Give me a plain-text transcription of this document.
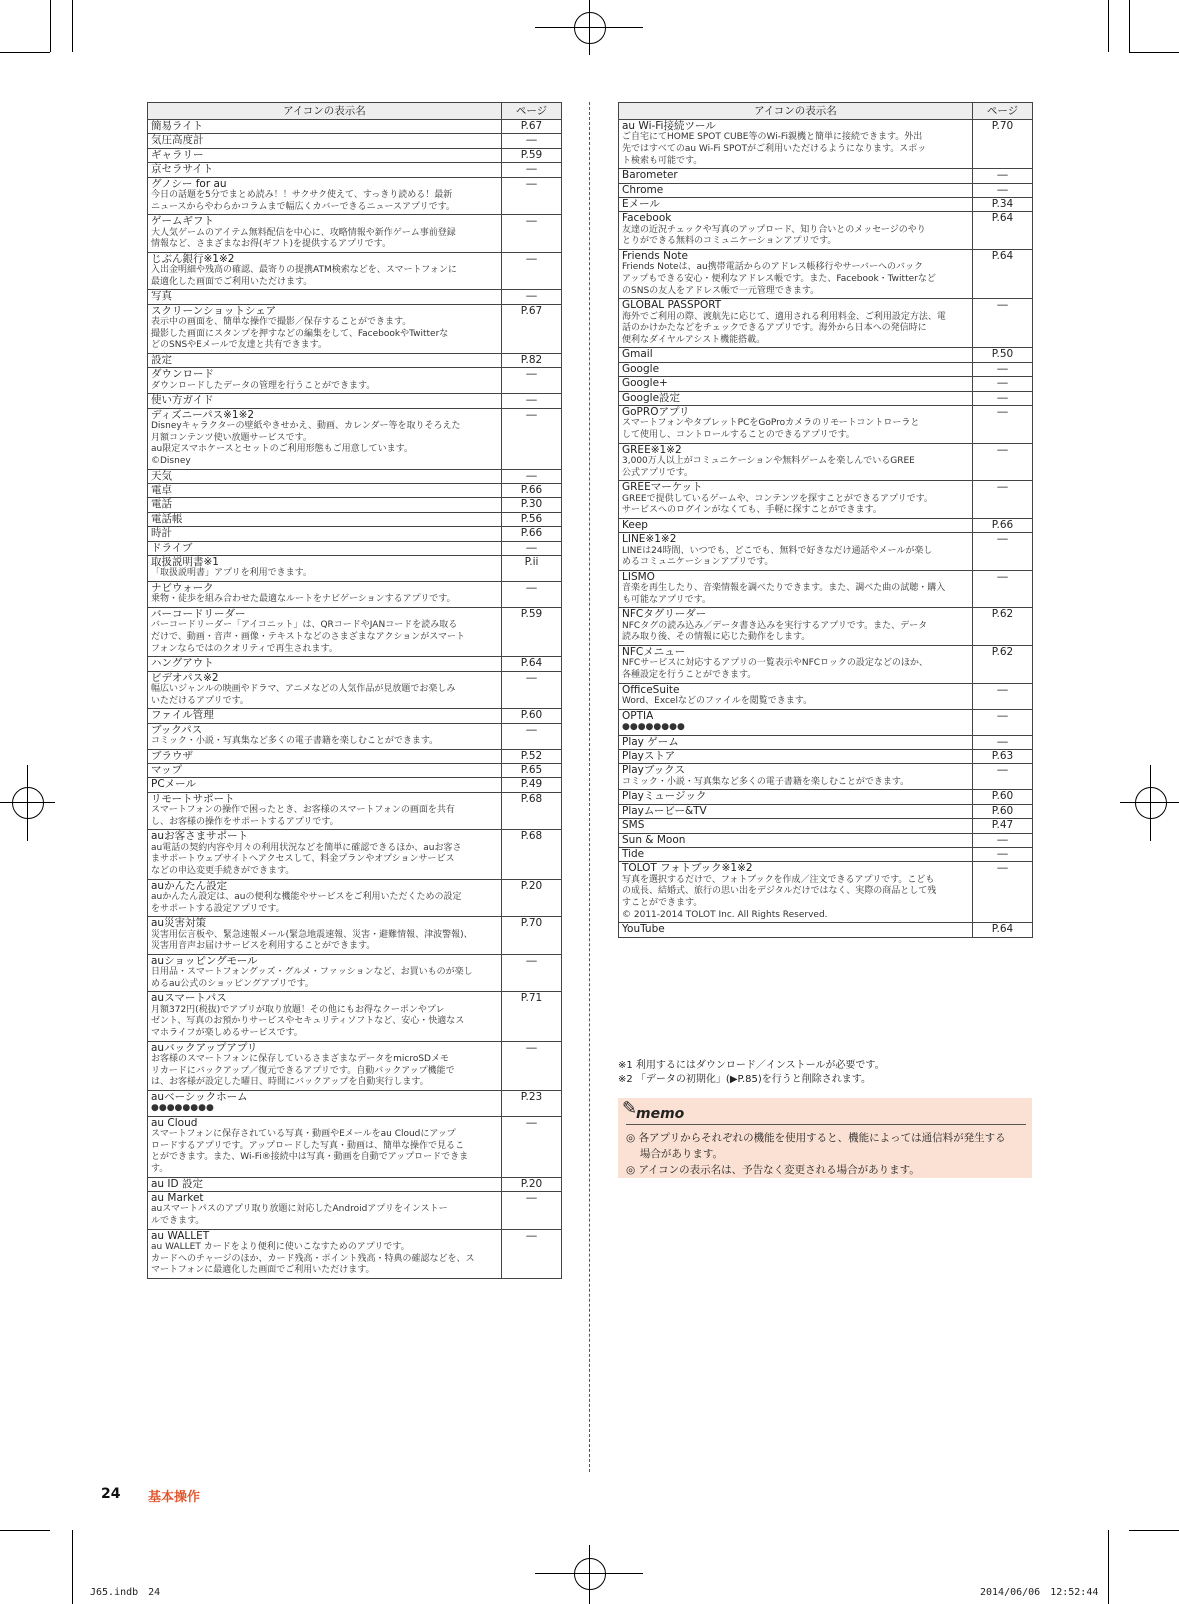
アイコンの表示名	ページ

簡易ライト	P.67

気圧高度計	―

ギャラリー	P.59

京セラサイト	―

グノシー for au
今日の話題を5分でまとめ読み！！サクサク使えて、すっきり読める！最新
ニュースからやわらかコラムまで幅広くカバーできるニュースアプリです。	―

ゲームギフト
大人気ゲームのアイテム無料配信を中心に、攻略情報や新作ゲーム事前登録
情報など、さまざまなお得(ギフト)を提供するアプリです。	―

じぶん銀行※1※2
入出金明細や残高の確認、最寄りの提携ATM検索などを、スマートフォンに
最適化した画面でご利用いただけます。	―

写真	―

スクリーンショットシェア
表示中の画面を、簡単な操作で撮影／保存することができます。
撮影した画面にスタンプを押すなどの編集をして、FacebookやTwitterな
どのSNSやEメールで友達と共有できます。	P.67

設定	P.82

ダウンロード
ダウンロードしたデータの管理を行うことができます。	―

使い方ガイド	―

ディズニーパス※1※2
Disneyキャラクターの壁紙やきせかえ、動画、カレンダー等を取りそろえた
月額コンテンツ使い放題サービスです。
au限定スマホケースとセットのご利用形態もご用意しています。
©Disney	―

天気	―

電卓	P.66

電話	P.30

電話帳	P.56

時計	P.66

ドライブ	―

取扱説明書※1
「取扱説明書」アプリを利用できます。	P.ii

ナビウォーク
乗物・徒歩を組み合わせた最適なルートをナビゲーションするアプリです。	―

バーコードリーダー
バーコードリーダー「アイコニット」は、QRコードやJANコードを読み取る
だけで、動画・音声・画像・テキストなどのさまざまなアクションがスマート
フォンならではのクオリティで再生されます。	P.59

ハングアウト	P.64

ビデオパス※2
幅広いジャンルの映画やドラマ、アニメなどの人気作品が見放題でお楽しみ
いただけるアプリです。	―

ファイル管理	P.60

ブックパス
コミック・小説・写真集など多くの電子書籍を楽しむことができます。	―

ブラウザ	P.52

マップ	P.65

PCメール	P.49

リモートサポート
スマートフォンの操作で困ったとき、お客様のスマートフォンの画面を共有
し、お客様の操作をサポートするアプリです。	P.68

auお客さまサポート
au電話の契約内容や月々の利用状況などを簡単に確認できるほか、auお客さ
まサポートウェブサイトへアクセスして、料金プランやオプションサービス
などの申込変更手続きができます。	P.68

auかんたん設定
auかんたん設定は、auの便利な機能やサービスをご利用いただくための設定
をサポートする設定アプリです。	P.20

au災害対策
災害用伝言板や、緊急速報メール(緊急地震速報、災害・避難情報、津波警報)、
災害用音声お届けサービスを利用することができます。	P.70

auショッピングモール
日用品・スマートフォングッズ・グルメ・ファッションなど、お買いものが楽し
めるau公式のショッピングアプリです。	―

auスマートパス
月額372円(税抜)でアプリが取り放題！その他にもお得なクーポンやプレ
ゼント、写真のお預かりサービスやセキュリティソフトなど、安心・快適なス
マホライフが楽しめるサービスです。	P.71

auバックアップアプリ
お客様のスマートフォンに保存しているさまざまなデータをmicroSDメモ
リカードにバックアップ／復元できるアプリです。自動バックアップ機能で
は、お客様が設定した曜日、時間にバックアップを自動実行します。	―

auベーシックホーム
●●●●●●●●	P.23

au Cloud
スマートフォンに保存されている写真・動画やEメールをau Cloudにアップ
ロードするアプリです。アップロードした写真・動画は、簡単な操作で見るこ
とができます。また、Wi-Fi®接続中は写真・動画を自動でアップロードできま
す。	―

au ID 設定	P.20

au Market
auスマートパスのアプリ取り放題に対応したAndroidアプリをインストー
ルできます。	―

au WALLET
au WALLET カードをより便利に使いこなすためのアプリです。
カードへのチャージのほか、カード残高・ポイント残高・特典の確認などを、ス
マートフォンに最適化した画面でご利用いただけます。	―
アイコンの表示名	ページ

au Wi-Fi接続ツール
ご自宅にてHOME SPOT CUBE等のWi-Fi親機と簡単に接続できます。外出
先ではすべてのau Wi-Fi SPOTがご利用いただけるようになります。スポッ
ト検索も可能です。	P.70

Barometer	―

Chrome	―

Eメール	P.34

Facebook
友達の近況チェックや写真のアップロード、知り合いとのメッセージのやり
とりができる無料のコミュニケーションアプリです。	P.64

Friends Note
Friends Noteは、au携帯電話からのアドレス帳移行やサーバーへのバック
アップもできる安心・便利なアドレス帳です。また、Facebook・Twitterなど
のSNSの友人をアドレス帳で一元管理できます。	P.64

GLOBAL PASSPORT
海外でご利用の際、渡航先に応じて、適用される利用料金、ご利用設定方法、電
話のかけかたなどをチェックできるアプリです。海外から日本への発信時に
便利なダイヤルアシスト機能搭載。	―

Gmail	P.50

Google	―

Google+	―

Google設定	―

GoPROアプリ
スマートフォンやタブレットPCをGoProカメラのリモートコントローラと
して使用し、コントロールすることのできるアプリです。	―

GREE※1※2
3,000万人以上がコミュニケーションや無料ゲームを楽しんでいるGREE
公式アプリです。	―

GREEマーケット
GREEで提供しているゲームや、コンテンツを探すことができるアプリです。
サービスへのログインがなくても、手軽に探すことができます。	―

Keep	P.66

LINE※1※2
LINEは24時間、いつでも、どこでも、無料で好きなだけ通話やメールが楽し
めるコミュニケーションアプリです。	―

LISMO
音楽を再生したり、音楽情報を調べたりできます。また、調べた曲の試聴・購入
も可能なアプリです。	―

NFCタグリーダー
NFCタグの読み込み／データ書き込みを実行するアプリです。また、データ
読み取り後、その情報に応じた動作をします。	P.62

NFCメニュー
NFCサービスに対応するアプリの一覧表示やNFCロックの設定などのほか、
各種設定を行うことができます。	P.62

OfficeSuite
Word、Excelなどのファイルを閲覧できます。	―

OPTIA
●●●●●●●●	―

Play ゲーム	―

Playストア	P.63

Playブックス
コミック・小説・写真集など多くの電子書籍を楽しむことができます。	―

Playミュージック	P.60

Playムービー&TV	P.60

SMS	P.47

Sun & Moon	―

Tide	―

TOLOT フォトブック※1※2
写真を選択するだけで、フォトブックを作成／注文できるアプリです。こども
の成長、結婚式、旅行の思い出をデジタルだけではなく、実際の商品として残
すことができます。
© 2011-2014 TOLOT Inc. All Rights Reserved.	―

YouTube	P.64
※1 利用するにはダウンロード／インストールが必要です。
※2 「データの初期化」(▶P.85)を行うと削除されます。
✎
memo
◎ 各アプリからそれぞれの機能を使用すると、機能によっては通信料が発生する
　 場合があります。
◎ アイコンの表示名は、予告なく変更される場合があります。
24 基本操作
J65.indb　24	2014/06/06　12:52:44
